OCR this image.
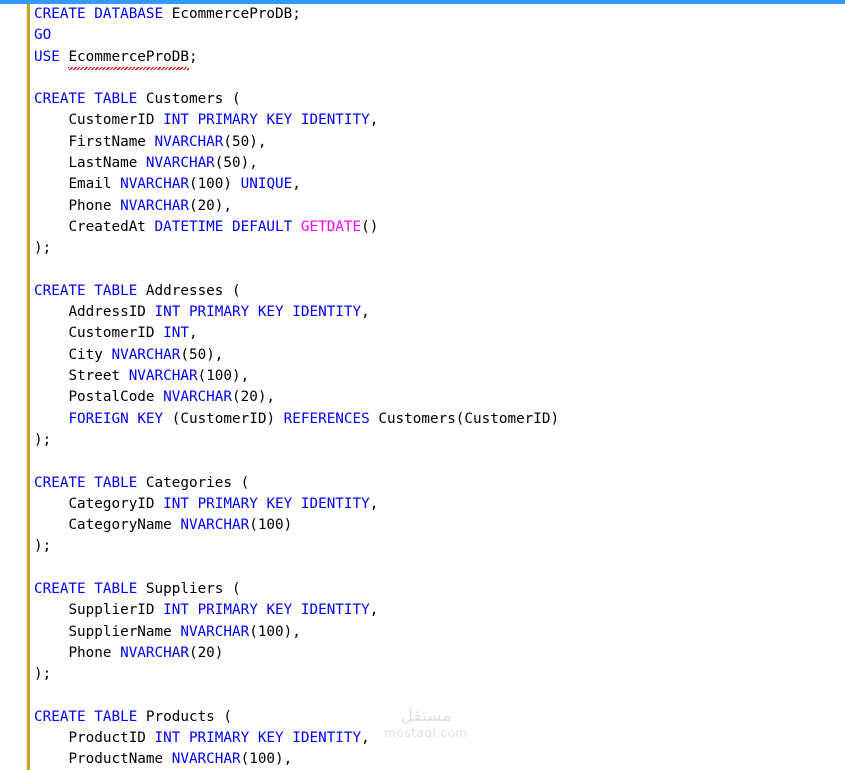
CREATE DATABASE EcommerceProDB;
GO
USE EcommerceProDB;

CREATE TABLE Customers (
CustomerID INT PRIMARY KEY IDENTITY,
FirstName NVARCHAR(50),
LastName NVARCHAR(50),
Email NVARCHAR(100) UNIQUE,
Phone NVARCHAR(20),
CreatedAt DATETIME DEFAULT GETDATE()
);

CREATE TABLE Addresses (
AddressID INT PRIMARY KEY IDENTITY,
CustomerID INT,
City NVARCHAR(50),
Street NVARCHAR(100),
PostalCode NVARCHAR(20),
FOREIGN KEY (CustomerID) REFERENCES Customers(CustomerID)
);

CREATE TABLE Categories (
CategoryID INT PRIMARY KEY IDENTITY,
CategoryName NVARCHAR(100)
);

CREATE TABLE Suppliers (
SupplierID INT PRIMARY KEY IDENTITY,
SupplierName NVARCHAR(100),
Phone NVARCHAR(20)
);

CREATE TABLE Products (
ProductID INT PRIMARY KEY IDENTITY,
ProductName NVARCHAR(100),
مستقل
mostaql.com
